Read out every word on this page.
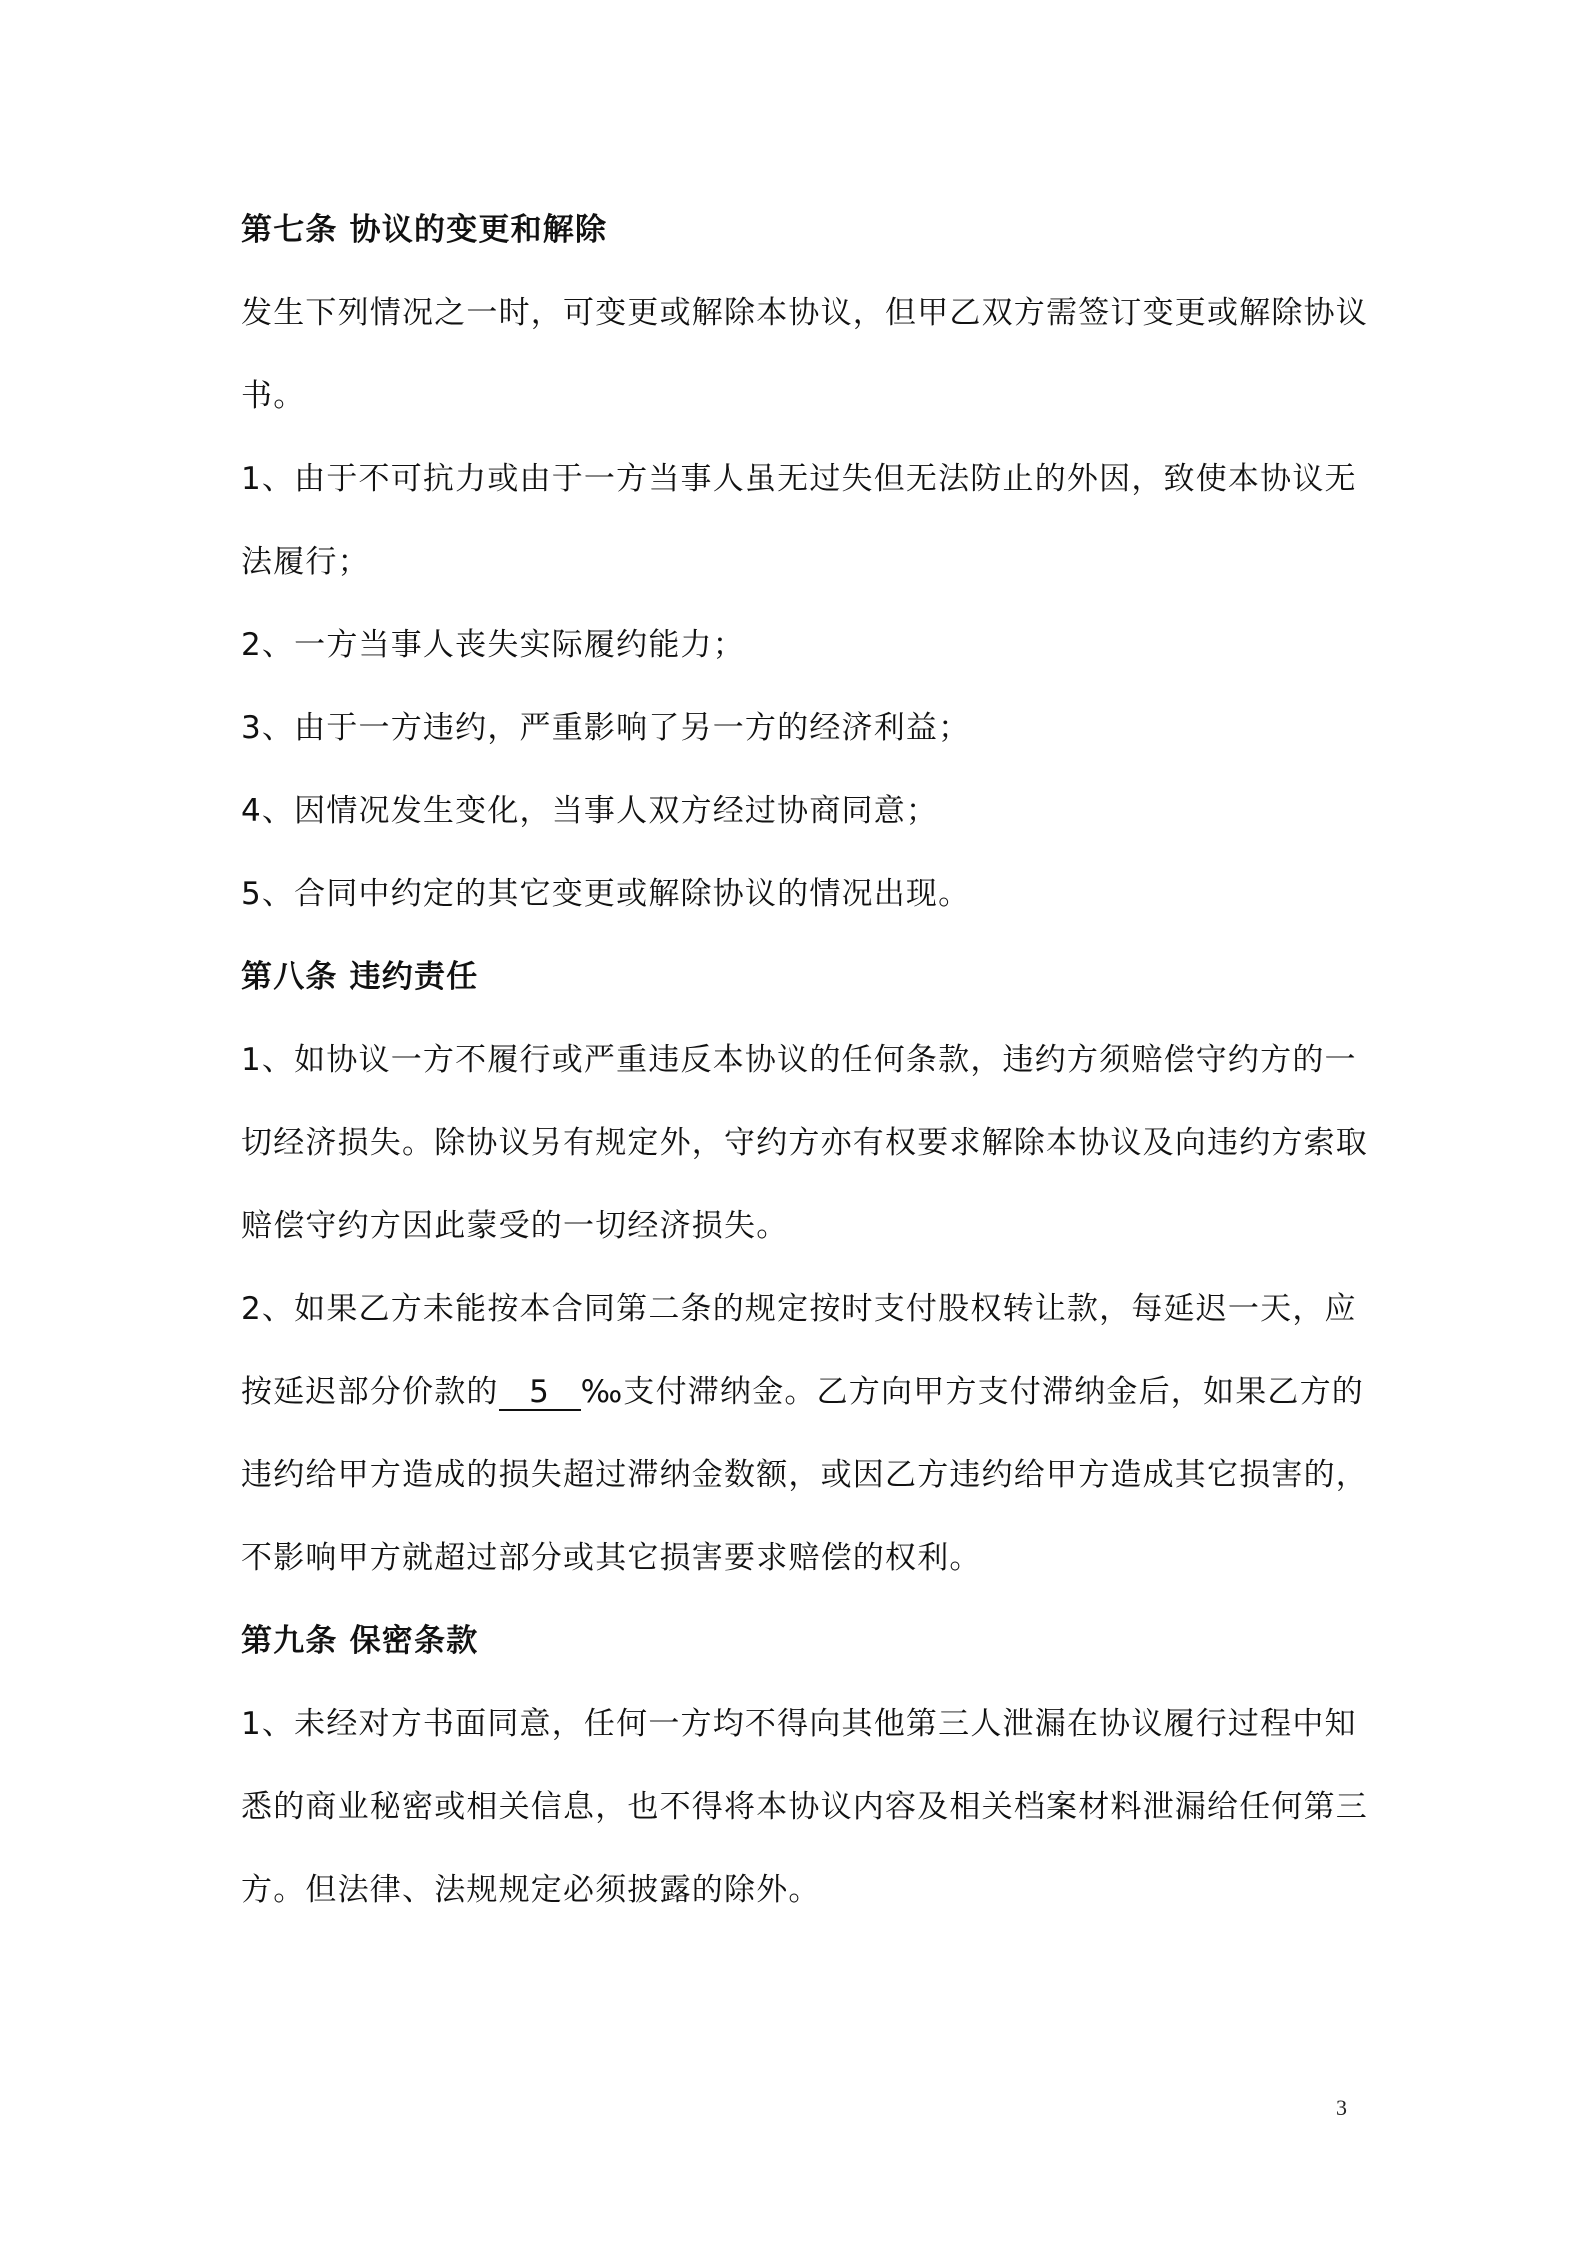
第七条 协议的变更和解除
发生下列情况之一时，可变更或解除本协议，但甲乙双方需签订变更或解除协议
书。
1、由于不可抗力或由于一方当事人虽无过失但无法防止的外因，致使本协议无
法履行；
2、一方当事人丧失实际履约能力；
3、由于一方违约，严重影响了另一方的经济利益；
4、因情况发生变化，当事人双方经过协商同意；
5、合同中约定的其它变更或解除协议的情况出现。
第八条 违约责任
1、如协议一方不履行或严重违反本协议的任何条款，违约方须赔偿守约方的一
切经济损失。除协议另有规定外，守约方亦有权要求解除本协议及向违约方索取
赔偿守约方因此蒙受的一切经济损失。
2、如果乙方未能按本合同第二条的规定按时支付股权转让款，每延迟一天，应
按延迟部分价款的 5 ‰支付滞纳金。乙方向甲方支付滞纳金后，如果乙方的
违约给甲方造成的损失超过滞纳金数额，或因乙方违约给甲方造成其它损害的，
不影响甲方就超过部分或其它损害要求赔偿的权利。
第九条 保密条款
1、未经对方书面同意，任何一方均不得向其他第三人泄漏在协议履行过程中知
悉的商业秘密或相关信息，也不得将本协议内容及相关档案材料泄漏给任何第三
方。但法律、法规规定必须披露的除外。
3
